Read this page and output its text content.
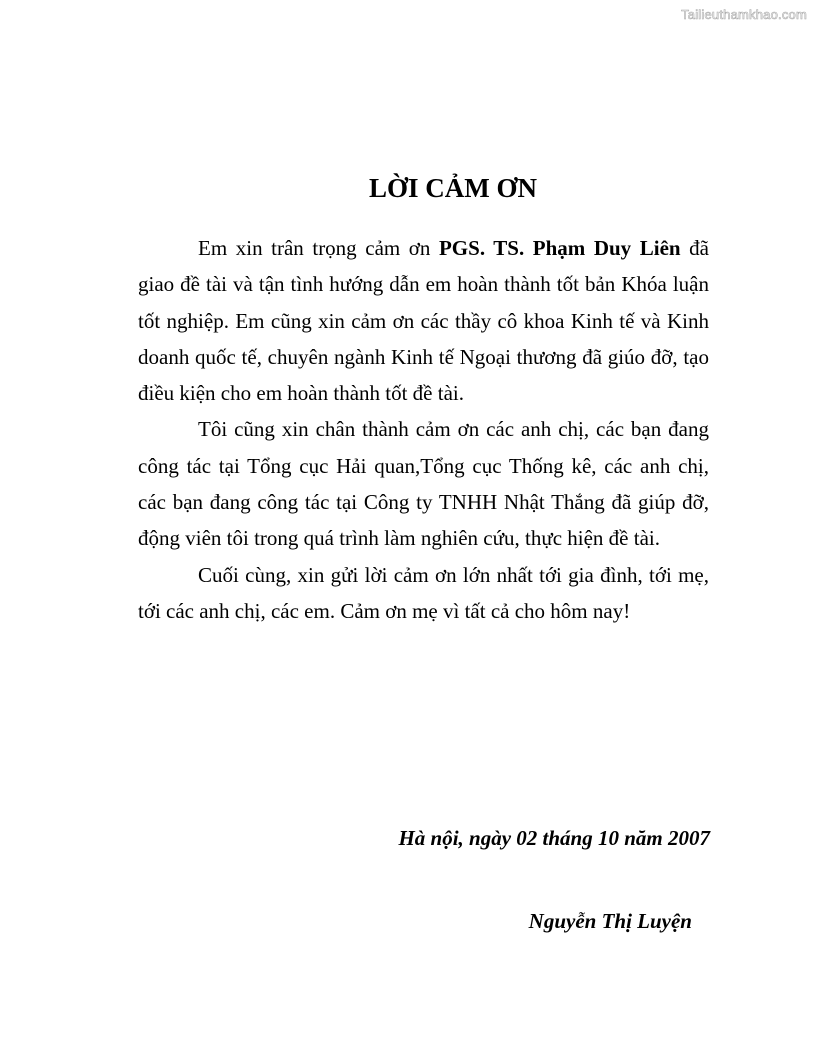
Tailieuthamkhao.com
LỜI CẢM ƠN

Em xin trân trọng cảm ơn PGS. TS. Phạm Duy Liên đã giao đề tài và tận tình hướng dẫn em hoàn thành tốt bản Khóa luận tốt nghiệp. Em cũng xin cảm ơn các thầy cô khoa Kinh tế và Kinh doanh quốc tế, chuyên ngành Kinh tế Ngoại thương đã giúo đỡ, tạo điều kiện cho em hoàn thành tốt đề tài.

Tôi cũng xin chân thành cảm ơn các anh chị, các bạn đang công tác tại Tổng cục Hải quan,Tổng cục Thống kê, các anh chị, các bạn đang công tác tại Công ty TNHH Nhật Thắng đã giúp đỡ, động viên tôi trong quá trình làm nghiên cứu, thực hiện đề tài.

Cuối cùng, xin gửi lời cảm ơn lớn nhất tới gia đình, tới mẹ, tới các anh chị, các em. Cảm ơn mẹ vì tất cả cho hôm nay!

Hà nội, ngày 02 tháng 10 năm 2007
Nguyễn Thị Luyện
